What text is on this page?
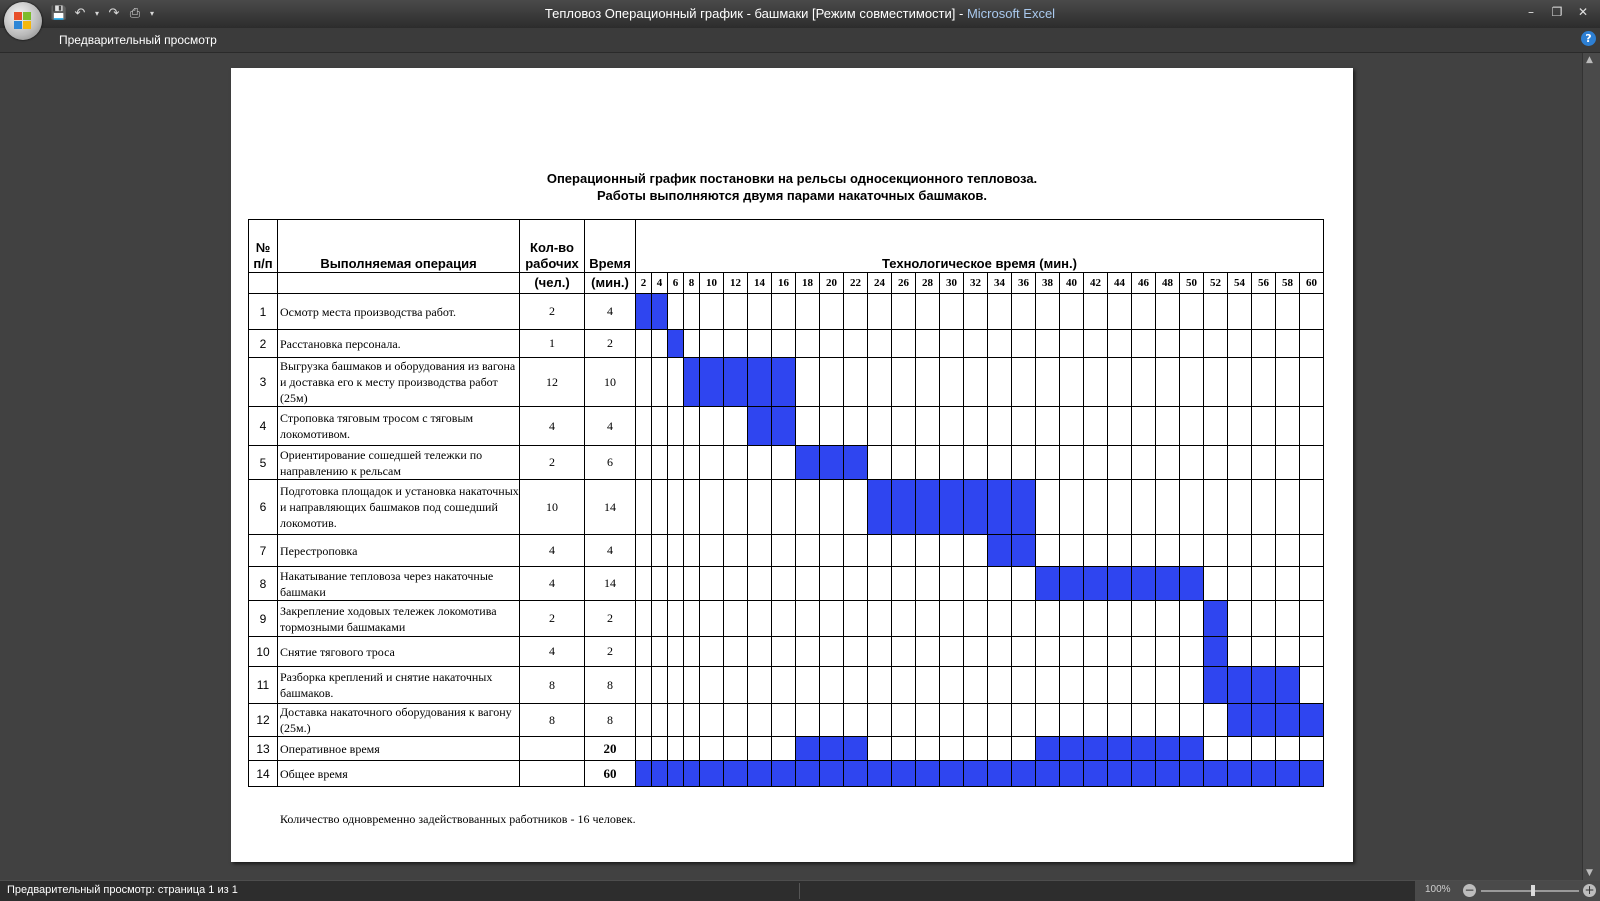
💾 ↶	▾ ↷ ⎙	▾	Тепловоз Операционный график - башмаки [Режим совместимости] - Microsoft Excel	–	❐	✕
Предварительный просмотр	?
▲
▼
Операционный график постановки на рельсы односекционного тепловоза.
Работы выполняются двумя парами накаточных башмаков.
№ п/п	Выполняемая операция	Кол-во рабочих	Время	Технологическое время (мин.)																													
		(чел.)	(мин.)	2	4	6	8	10	12	14	16	18	20	22	24	26	28	30	32	34	36	38	40	42	44	46	48	50	52	54	56	58	60
1	Осмотр места производства работ.	2	4																														
2	Расстановка персонала.	1	2																														
3	Выгрузка башмаков и оборудования из вагона и доставка его к месту производства работ (25м)	12	10																														
4	Строповка тяговым тросом с тяговым локомотивом.	4	4																														
5	Ориентирование сошедшей тележки по направлению к рельсам	2	6																														
6	Подготовка площадок и установка накаточных и направляющих башмаков под сошедший локомотив.	10	14																														
7	Перестроповка	4	4																														
8	Накатывание тепловоза через накаточные башмаки	4	14																														
9	Закрепление ходовых тележек локомотива тормозными башмаками	2	2																														
10	Снятие тягового троса	4	2																														
11	Разборка креплений и снятие накаточных башмаков.	8	8																														
12	Доставка накаточного оборудования к вагону (25м.)	8	8																														
13	Оперативное время		20																														
14	Общее время		60																														
Количество одновременно задействованных работников - 16 человек.
Предварительный просмотр: страница 1 из 1	100% −	+
